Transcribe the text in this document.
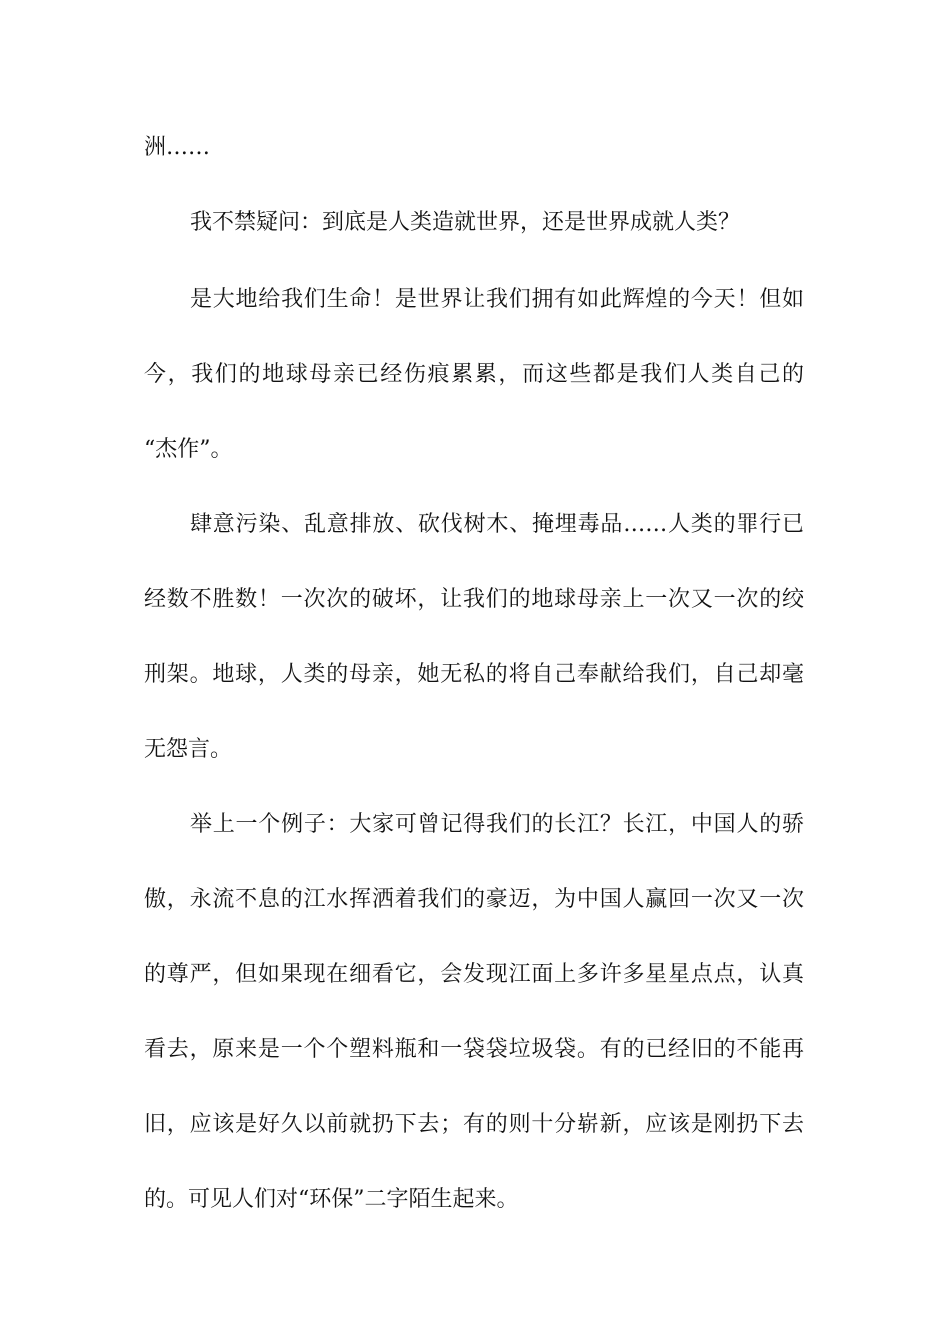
洲……
我不禁疑问：到底是人类造就世界，还是世界成就人类？
是大地给我们生命！是世界让我们拥有如此辉煌的今天！但如
今，我们的地球母亲已经伤痕累累，而这些都是我们人类自己的
“杰作”。
肆意污染、乱意排放、砍伐树木、掩埋毒品……人类的罪行已
经数不胜数！一次次的破坏，让我们的地球母亲上一次又一次的绞
刑架。地球，人类的母亲，她无私的将自己奉献给我们，自己却毫
无怨言。
举上一个例子：大家可曾记得我们的长江？长江，中国人的骄
傲，永流不息的江水挥洒着我们的豪迈，为中国人赢回一次又一次
的尊严，但如果现在细看它，会发现江面上多许多星星点点，认真
看去，原来是一个个塑料瓶和一袋袋垃圾袋。有的已经旧的不能再
旧，应该是好久以前就扔下去；有的则十分崭新，应该是刚扔下去
的。可见人们对“环保”二字陌生起来。
